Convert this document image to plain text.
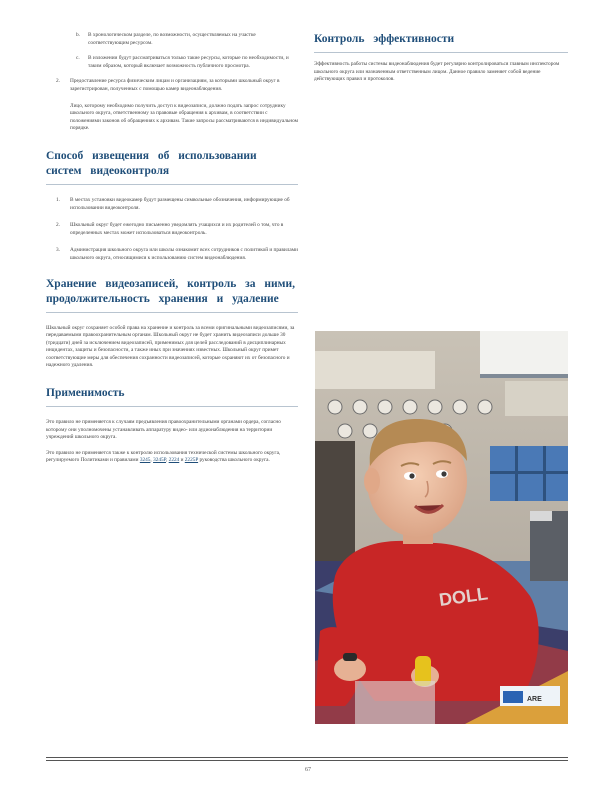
b. В хронологическом разделе, по возможности, осуществляемых на участке соответствующим ресурсом.

c. В изложении будут рассматриваться только такие ресурсы, которые по необходимости, и таким образом, который включает возможность публичного просмотра.

2. Предоставление ресурса физическим лицам и организациям, за которыми школьный округ в зарегистрирован, полученных с помощью камер видеонаблюдения.

Лицо, которому необходимо получить доступ к видеозаписи, должно подать запрос сотруднику школьного округа, ответственному за правовые обращения к архивам, в соответствии с положениями законов об обращениях к архивам. Такие запросы рассматриваются в индивидуальном порядке.

Способ извещения об использовании
систем видеоконтроля
1. В местах установки видеокамер будут размещены символьные обозначения, информирующие об использовании видеоконтроля.

2. Школьный округ будет ежегодно письменно уведомлять учащихся и их родителей о том, что в определенных местах может использоваться видеоконтроль.

3. Администрация школьного округа или школы ознакомит всех сотрудников с политикой и правилами школьного округа, относящимися к использованию систем видеонаблюдения.

Хранение видеозаписей, контроль за ними,
продолжительность хранения и удаление

Школьный округ сохраняет особой права на хранение и контроль за всеми оригинальными видеозаписями, за передаваемыми правоохранительным органам. Школьный округ не будет хранить видеозаписи дольше 30 (тридцати) дней за исключением видеозаписей, применимых для целей расследований в дисциплинарных инцидентах, защиты и безопасности, а также иных при значениях известных. Школьный округ примет соответствующие меры для обеспечения сохранности видеозаписей, которые охраняют их от безопасного и надежного удаления.

Применимость

Это правило не применяется к случаям предъявления правоохранительными органами ордера, согласно которому они уполномочены устанавливать аппаратуру видео- или аудионаблюдения на территории учреждений школьного округа.

Это правило не применяется также к контролю использования технической системы школьного округа, регулируемого Политиками и правилами 3245, 3245P, 2224 и 2225P руководства школьного округа.

Контроль эффективности

Эффективность работы системы видеонаблюдения будет регулярно контролироваться главным инспектором школьного округа или назначенным ответственным лицом. Данное правило заменяет собой ведение действующих правил и протоколов.

DOLL
ARE
67
